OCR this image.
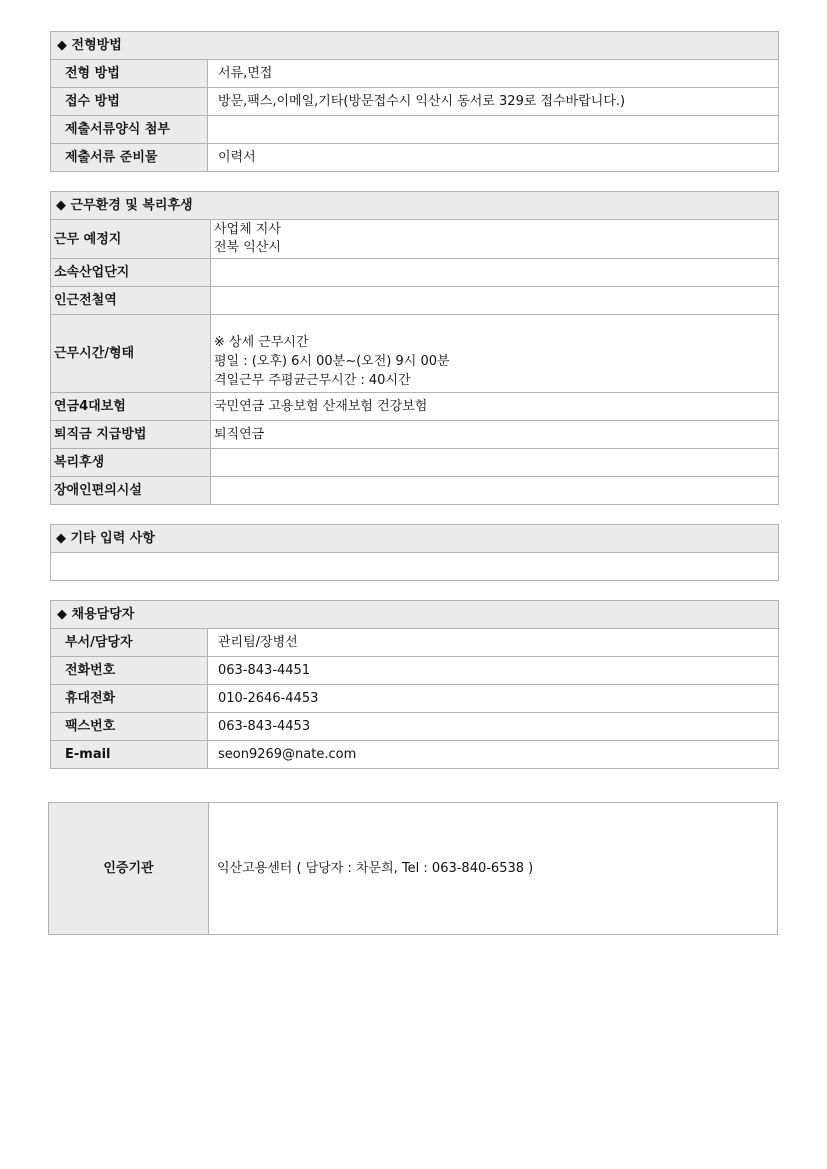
◆ 전형방법	
전형 방법	서류,면접
접수 방법	방문,팩스,이메일,기타(방문접수시 익산시 동서로 329로 접수바랍니다.)
제출서류양식 첨부	
제출서류 준비물	이력서
◆ 근무환경 및 복리후생	
근무 예정지	사업체 지사
전북 익산시
소속산업단지	
인근전철역	
근무시간/형태	※ 상세 근무시간
평일 : (오후) 6시 00분~(오전) 9시 00분
격일근무 주평균근무시간 : 40시간
연금4대보험	국민연금 고용보험 산재보험 건강보험
퇴직금 지급방법	퇴직연금
복리후생	
장애인편의시설	
◆ 기타 입력 사항

◆ 채용담당자	
부서/담당자	관리팀/장병선
전화번호	063-843-4451
휴대전화	010-2646-4453
팩스번호	063-843-4453
E-mail	seon9269@nate.com
인증기관	익산고용센터 ( 담당자 : 차문희, Tel : 063-840-6538 )
